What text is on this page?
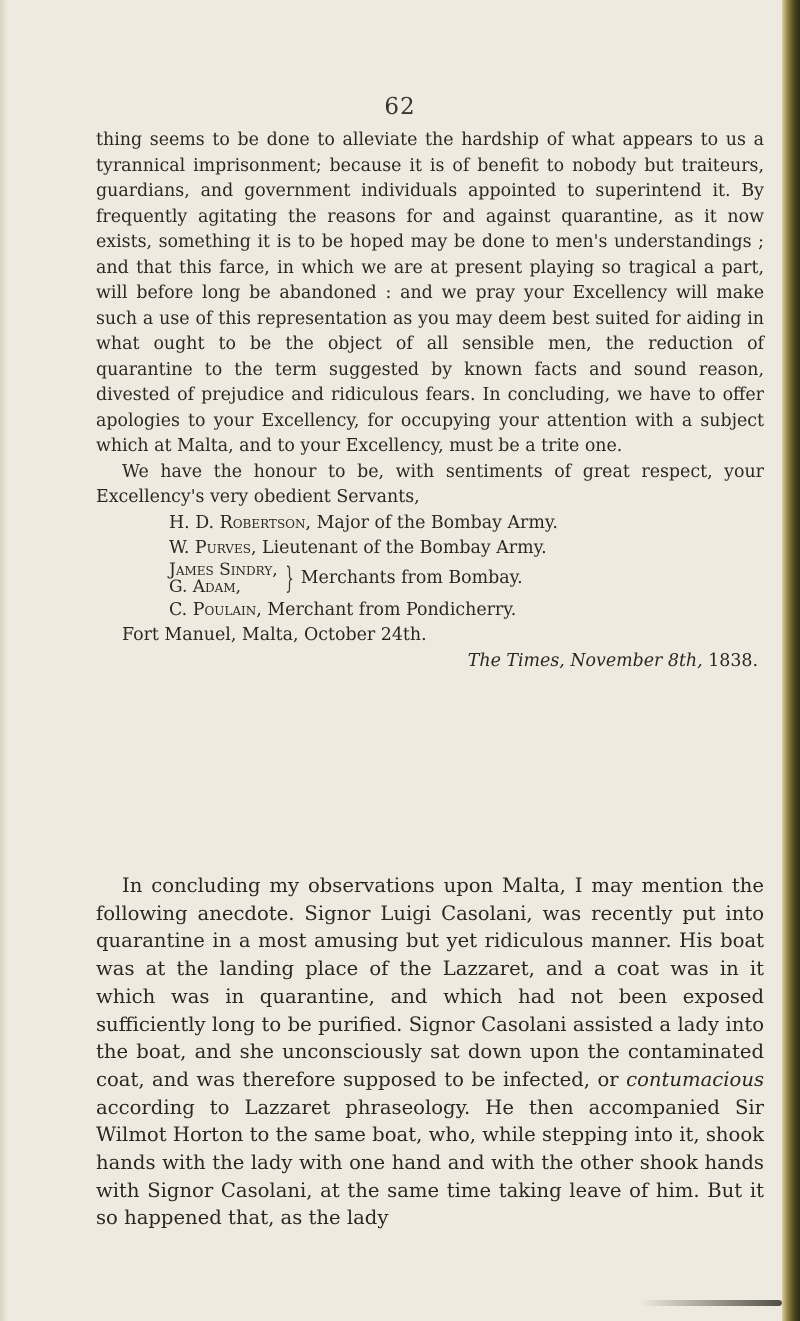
62
thing seems to be done to alleviate the hardship of what appears to us a tyrannical imprisonment; because it is of benefit to nobody but traiteurs, guardians, and government individuals appointed to superintend it. By frequently agitating the reasons for and against quarantine, as it now exists, something it is to be hoped may be done to men's understandings ; and that this farce, in which we are at present playing so tragical a part, will before long be abandoned : and we pray your Excellency will make such a use of this representation as you may deem best suited for aiding in what ought to be the object of all sensible men, the reduction of quarantine to the term suggested by known facts and sound reason, divested of prejudice and ridiculous fears. In concluding, we have to offer apologies to your Excellency, for occupying your attention with a subject which at Malta, and to your Excellency, must be a trite one.
We have the honour to be, with sentiments of great respect, your Excellency's very obedient Servants,
H. D. Robertson, Major of the Bombay Army.
W. Purves, Lieutenant of the Bombay Army.
James Sindry,
G. Adam, } Merchants from Bombay.
C. Poulain, Merchant from Pondicherry.
Fort Manuel, Malta, October 24th.
The Times, November 8th, 1838.
In concluding my observations upon Malta, I may mention the following anecdote. Signor Luigi Casolani, was recently put into quarantine in a most amusing but yet ridiculous manner. His boat was at the landing place of the Lazzaret, and a coat was in it which was in quarantine, and which had not been exposed sufficiently long to be purified. Signor Casolani assisted a lady into the boat, and she unconsciously sat down upon the contaminated coat, and was therefore supposed to be infected, or contumacious according to Lazzaret phraseology. He then accompanied Sir Wilmot Horton to the same boat, who, while stepping into it, shook hands with the lady with one hand and with the other shook hands with Signor Casolani, at the same time taking leave of him. But it so happened that, as the lady
